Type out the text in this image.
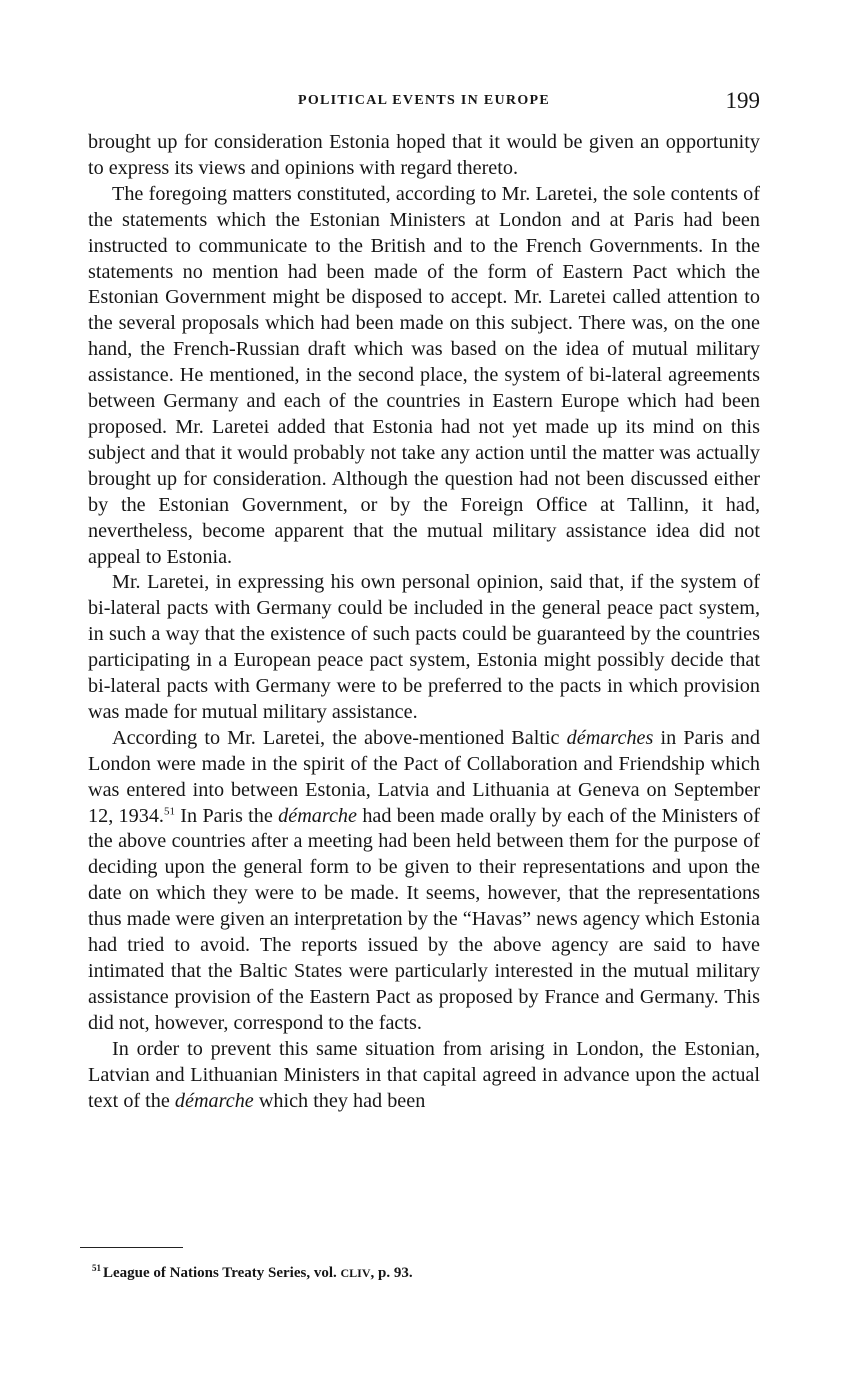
POLITICAL EVENTS IN EUROPE	199

brought up for consideration Estonia hoped that it would be given an opportunity to express its views and opinions with regard thereto.

The foregoing matters constituted, according to Mr. Laretei, the sole contents of the statements which the Estonian Ministers at London and at Paris had been instructed to communicate to the British and to the French Governments. In the statements no mention had been made of the form of Eastern Pact which the Estonian Government might be disposed to accept. Mr. Laretei called attention to the several proposals which had been made on this subject. There was, on the one hand, the French-Russian draft which was based on the idea of mutual military assistance. He mentioned, in the second place, the system of bi-lateral agreements between Germany and each of the countries in Eastern Europe which had been proposed. Mr. Laretei added that Estonia had not yet made up its mind on this subject and that it would probably not take any action until the matter was actually brought up for consideration. Although the question had not been discussed either by the Estonian Government, or by the Foreign Office at Tallinn, it had, nevertheless, become apparent that the mutual military assistance idea did not appeal to Estonia.

Mr. Laretei, in expressing his own personal opinion, said that, if the system of bi-lateral pacts with Germany could be included in the general peace pact system, in such a way that the existence of such pacts could be guaranteed by the countries participating in a European peace pact system, Estonia might possibly decide that bi-lateral pacts with Germany were to be preferred to the pacts in which provision was made for mutual military assistance.

According to Mr. Laretei, the above-mentioned Baltic démarches in Paris and London were made in the spirit of the Pact of Collaboration and Friendship which was entered into between Estonia, Latvia and Lithuania at Geneva on September 12, 1934.51 In Paris the démarche had been made orally by each of the Ministers of the above countries after a meeting had been held between them for the purpose of deciding upon the general form to be given to their representations and upon the date on which they were to be made. It seems, however, that the representations thus made were given an interpretation by the “Havas” news agency which Estonia had tried to avoid. The reports issued by the above agency are said to have intimated that the Baltic States were particularly interested in the mutual military assistance provision of the Eastern Pact as proposed by France and Germany. This did not, however, correspond to the facts.

In order to prevent this same situation from arising in London, the Estonian, Latvian and Lithuanian Ministers in that capital agreed in advance upon the actual text of the démarche which they had been

$^{51}$ League of Nations Treaty Series, vol. CLIV, p. 93.
